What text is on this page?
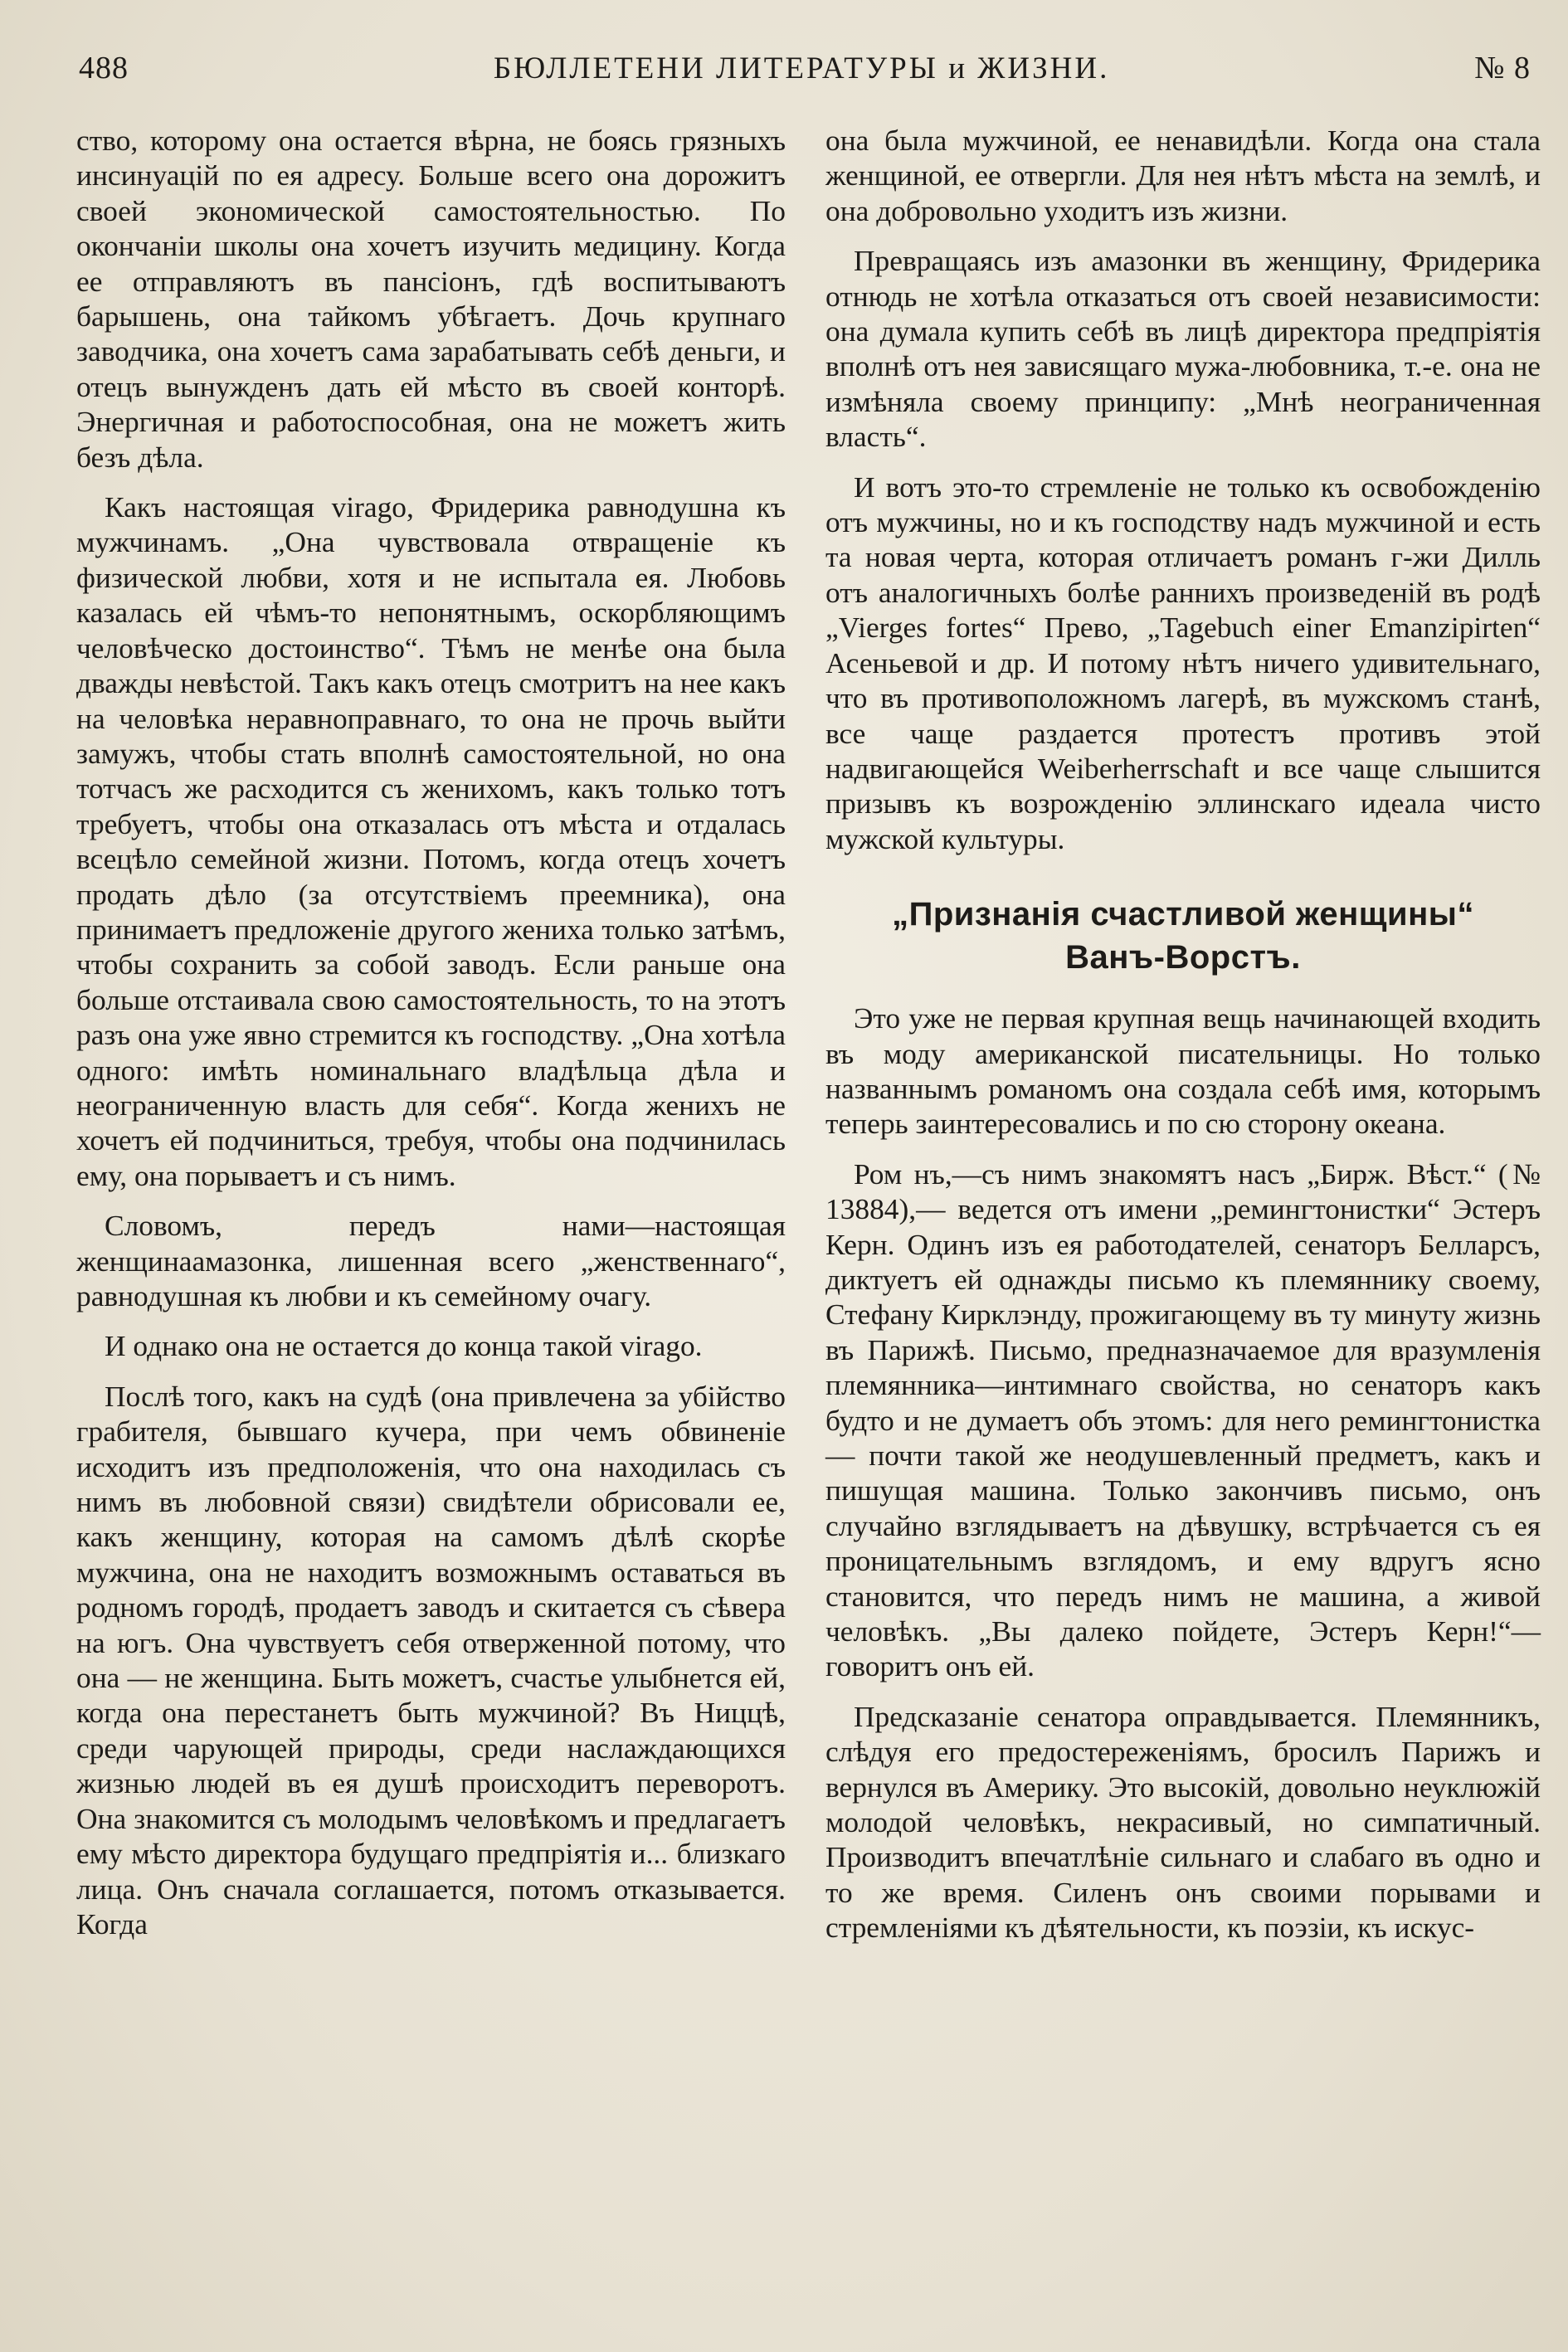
488	БЮЛЛЕТЕНИ ЛИТЕРАТУРЫ и ЖИЗНИ.	№ 8

ство, которому она остается вѣрна, не боясь грязныхъ инсинуацій по ея адресу. Больше всего она дорожитъ своей экономической самостоятельностью. По окончаніи школы она хочетъ изучить медицину. Когда ее отправляютъ въ пансіонъ, гдѣ воспитываютъ барышень, она тайкомъ убѣгаетъ. Дочь крупнаго заводчика, она хочетъ сама зарабатывать себѣ деньги, и отецъ вынужденъ дать ей мѣсто въ своей конторѣ. Энергичная и работоспособная, она не можетъ жить безъ дѣла.

Какъ настоящая virago, Фридерика равнодушна къ мужчинамъ. „Она чувствовала отвращеніе къ физической любви, хотя и не испытала ея. Любовь казалась ей чѣмъ-то непонятнымъ, оскорбляющимъ человѣческо достоинство“. Тѣмъ не менѣе она была дважды невѣстой. Такъ какъ отецъ смотритъ на нее какъ на человѣка неравноправнаго, то она не прочь выйти замужъ, чтобы стать вполнѣ самостоятельной, но она тотчасъ же расходится съ женихомъ, какъ только тотъ требуетъ, чтобы она отказалась отъ мѣста и отдалась всецѣло семейной жизни. Потомъ, когда отецъ хочетъ продать дѣло (за отсутствіемъ преемника), она принимаетъ предложеніе другого жениха только затѣмъ, чтобы сохранить за собой заводъ. Если раньше она больше отстаивала свою самостоятельность, то на этотъ разъ она уже явно стремится къ господству. „Она хотѣла одного: имѣть номинальнаго владѣльца дѣла и неограниченную власть для себя“. Когда женихъ не хочетъ ей подчиниться, требуя, чтобы она подчинилась ему, она порываетъ и съ нимъ.

Словомъ, передъ нами—настоящая женщинаамазонка, лишенная всего „женственнаго“, равнодушная къ любви и къ семейному очагу.

И однако она не остается до конца такой virago.

Послѣ того, какъ на судѣ (она привлечена за убійство грабителя, бывшаго кучера, при чемъ обвиненіе исходитъ изъ предположенія, что она находилась съ нимъ въ любовной связи) свидѣтели обрисовали ее, какъ женщину, которая на самомъ дѣлѣ скорѣе мужчина, она не находитъ возможнымъ оставаться въ родномъ городѣ, продаетъ заводъ и скитается съ сѣвера на югъ. Она чувствуетъ себя отверженной потому, что она — не женщина. Быть можетъ, счастье улыбнется ей, когда она перестанетъ быть мужчиной? Въ Ниццѣ, среди чарующей природы, среди наслаждающихся жизнью людей въ ея душѣ происходитъ переворотъ. Она знакомится съ молодымъ человѣкомъ и предлагаетъ ему мѣсто директора будущаго предпріятія и... близкаго лица. Онъ сначала соглашается, потомъ отказывается. Когда

она была мужчиной, ее ненавидѣли. Когда она стала женщиной, ее отвергли. Для нея нѣтъ мѣста на землѣ, и она добровольно уходитъ изъ жизни.

Превращаясь изъ амазонки въ женщину, Фридерика отнюдь не хотѣла отказаться отъ своей независимости: она думала купить себѣ въ лицѣ директора предпріятія вполнѣ отъ нея зависящаго мужа-любовника, т.-е. она не измѣняла своему принципу: „Мнѣ неограниченная власть“.

И вотъ это-то стремленіе не только къ освобожденію отъ мужчины, но и къ господству надъ мужчиной и есть та новая черта, которая отличаетъ романъ г-жи Дилль отъ аналогичныхъ болѣе раннихъ произведеній въ родѣ „Vierges fortes“ Прево, „Tagebuch einer Emanzipirten“ Асеньевой и др. И потому нѣтъ ничего удивительнаго, что въ противоположномъ лагерѣ, въ мужскомъ станѣ, все чаще раздается протестъ противъ этой надвигающейся Weiberherrschaft и все чаще слышится призывъ къ возрожденію эллинскаго идеала чисто мужской культуры.

„Признанія счастливой женщины“
Ванъ-Ворстъ.

Это уже не первая крупная вещь начинающей входить въ моду американской писательницы. Но только названнымъ романомъ она создала себѣ имя, которымъ теперь заинтересовались и по сю сторону океана.

Ром нъ,—съ нимъ знакомятъ насъ „Бирж. Вѣст.“ (№ 13884),— ведется отъ имени „ремингтонистки“ Эстеръ Керн. Одинъ изъ ея работодателей, сенаторъ Белларсъ, диктуетъ ей однажды письмо къ племяннику своему, Стефану Кирклэнду, прожигающему въ ту минуту жизнь въ Парижѣ. Письмо, предназначаемое для вразумленія племянника—интимнаго свойства, но сенаторъ какъ будто и не думаетъ объ этомъ: для него ремингтонистка — почти такой же неодушевленный предметъ, какъ и пишущая машина. Только закончивъ письмо, онъ случайно взглядываетъ на дѣвушку, встрѣчается съ ея проницательнымъ взглядомъ, и ему вдругъ ясно становится, что передъ нимъ не машина, а живой человѣкъ. „Вы далеко пойдете, Эстеръ Керн!“—говоритъ онъ ей.

Предсказаніе сенатора оправдывается. Племянникъ, слѣдуя его предостереженіямъ, бросилъ Парижъ и вернулся въ Америку. Это высокій, довольно неуклюжій молодой человѣкъ, некрасивый, но симпатичный. Производитъ впечатлѣніе сильнаго и слабаго въ одно и то же время. Силенъ онъ своими порывами и стремленіями къ дѣятельности, къ поэзіи, къ искус-
